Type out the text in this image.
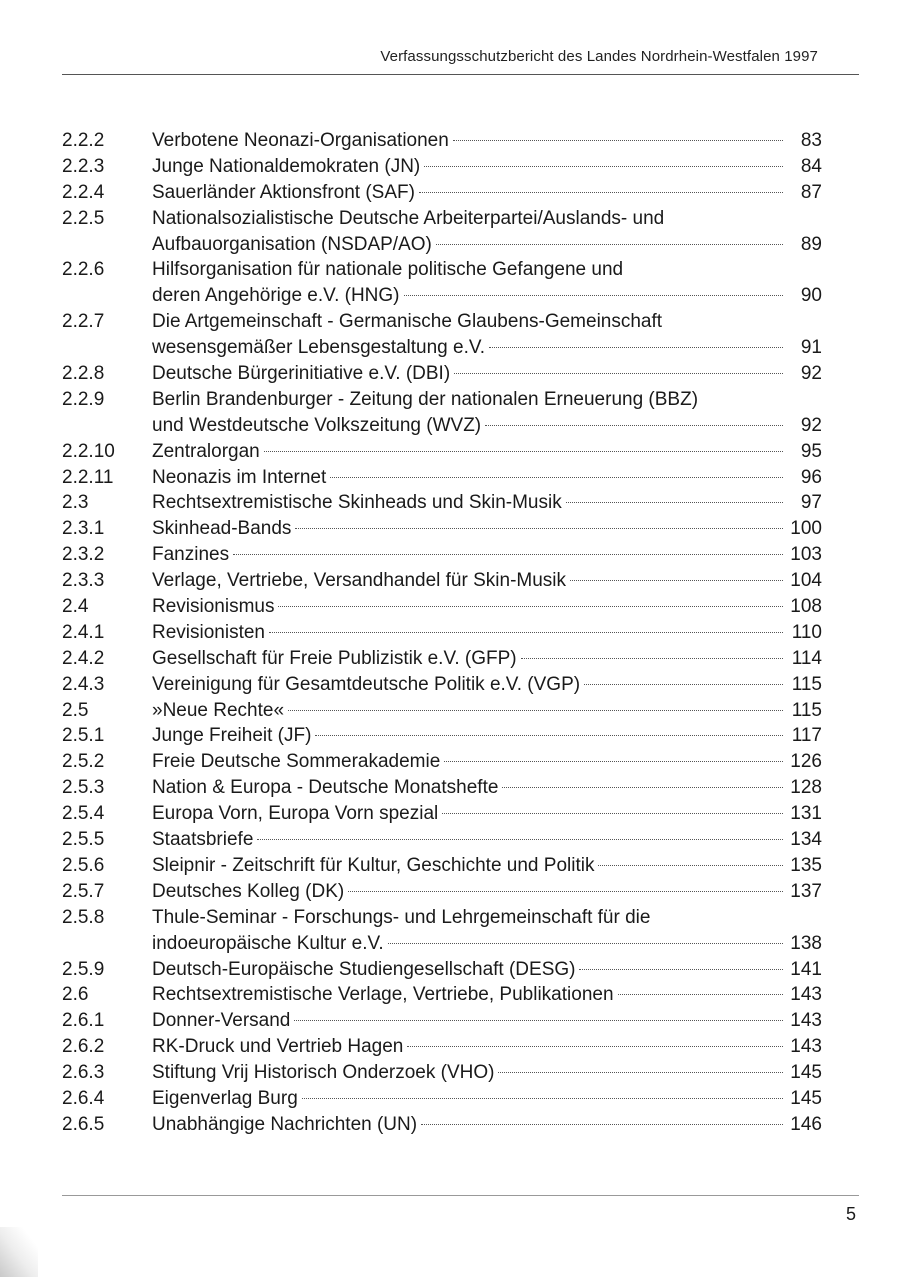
Verfassungsschutzbericht des Landes Nordrhein-Westfalen 1997
2.2.2	Verbotene Neonazi-Organisationen	83
2.2.3	Junge Nationaldemokraten (JN)	84
2.2.4	Sauerländer Aktionsfront (SAF)	87
2.2.5	Nationalsozialistische Deutsche Arbeiterpartei/Auslands- und
Aufbauorganisation (NSDAP/AO)	89
2.2.6	Hilfsorganisation für nationale politische Gefangene und
deren Angehörige e.V. (HNG)	90
2.2.7	Die Artgemeinschaft - Germanische Glaubens-Gemeinschaft
wesensgemäßer Lebensgestaltung e.V.	91
2.2.8	Deutsche Bürgerinitiative e.V. (DBI)	92
2.2.9	Berlin Brandenburger - Zeitung der nationalen Erneuerung (BBZ)
und Westdeutsche Volkszeitung (WVZ)	92
2.2.10	Zentralorgan	95
2.2.11	Neonazis im Internet	96
2.3	Rechtsextremistische Skinheads und Skin-Musik	97
2.3.1	Skinhead-Bands	100
2.3.2	Fanzines	103
2.3.3	Verlage, Vertriebe, Versandhandel für Skin-Musik	104
2.4	Revisionismus	108
2.4.1	Revisionisten	110
2.4.2	Gesellschaft für Freie Publizistik e.V. (GFP)	114
2.4.3	Vereinigung für Gesamtdeutsche Politik e.V. (VGP)	115
2.5	»Neue Rechte«	115
2.5.1	Junge Freiheit (JF)	117
2.5.2	Freie Deutsche Sommerakademie	126
2.5.3	Nation & Europa - Deutsche Monatshefte	128
2.5.4	Europa Vorn, Europa Vorn spezial	131
2.5.5	Staatsbriefe	134
2.5.6	Sleipnir - Zeitschrift für Kultur, Geschichte und Politik	135
2.5.7	Deutsches Kolleg (DK)	137
2.5.8	Thule-Seminar - Forschungs- und Lehrgemeinschaft für die
indoeuropäische Kultur e.V.	138
2.5.9	Deutsch-Europäische Studiengesellschaft (DESG)	141
2.6	Rechtsextremistische Verlage, Vertriebe, Publikationen	143
2.6.1	Donner-Versand	143
2.6.2	RK-Druck und Vertrieb Hagen	143
2.6.3	Stiftung Vrij Historisch Onderzoek (VHO)	145
2.6.4	Eigenverlag Burg	145
2.6.5	Unabhängige Nachrichten (UN)	146
5
